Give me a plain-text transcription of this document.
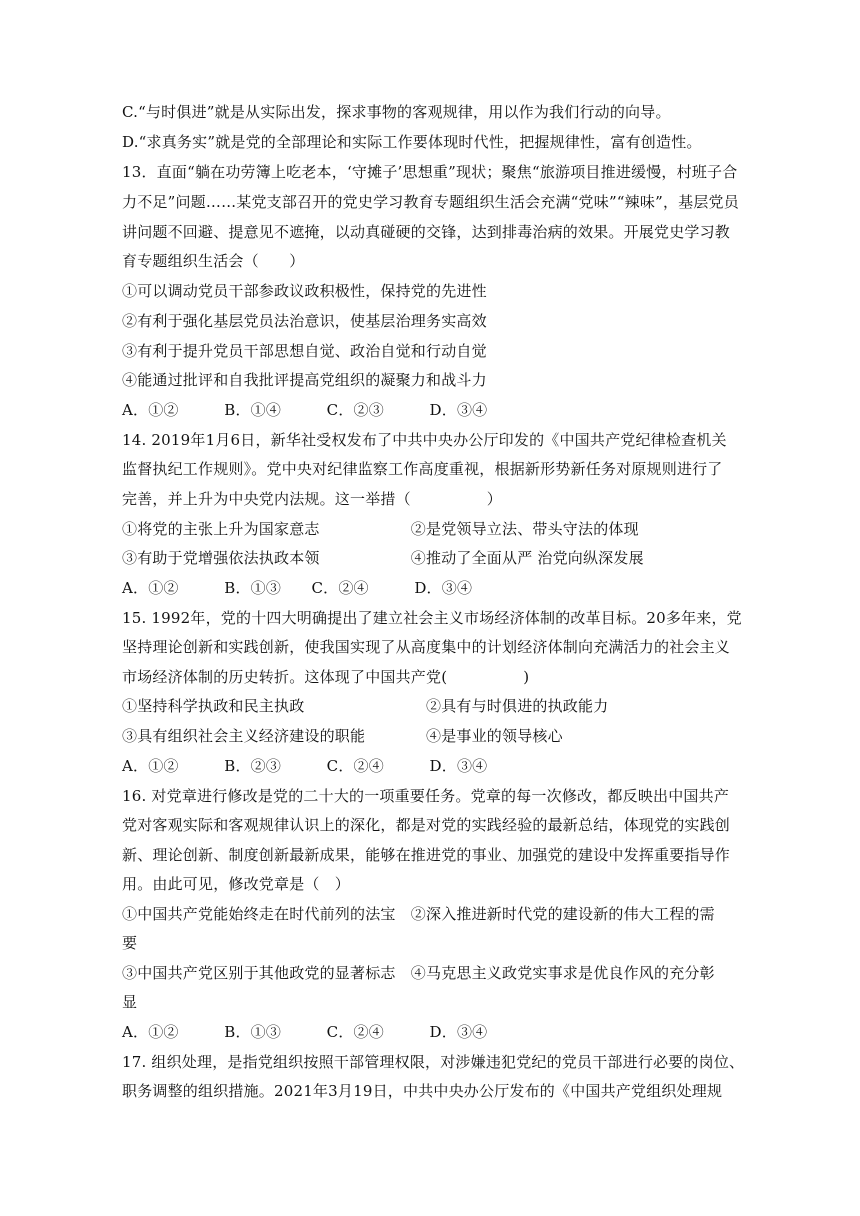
C.“与时俱进”就是从实际出发，探求事物的客观规律，用以作为我们行动的向导。
D.“求真务实”就是党的全部理论和实际工作要体现时代性，把握规律性，富有创造性。
13．直面“躺在功劳簿上吃老本，‘守摊子’思想重”现状；聚焦“旅游项目推进缓慢，村班子合
力不足”问题……某党支部召开的党史学习教育专题组织生活会充满“党味”“辣味”，基层党员
讲问题不回避、提意见不遮掩，以动真碰硬的交锋，达到排毒治病的效果。开展党史学习教
育专题组织生活会（　　）
①可以调动党员干部参政议政积极性，保持党的先进性
②有利于强化基层党员法治意识，使基层治理务实高效
③有利于提升党员干部思想自觉、政治自觉和行动自觉
④能通过批评和自我批评提高党组织的凝聚力和战斗力
A．①②　　　B．①④　　　C．②③　　　D．③④
14. 2019年1月6日，新华社受权发布了中共中央办公厅印发的《中国共产党纪律检查机关
监督执纪工作规则》。党中央对纪律监察工作高度重视，根据新形势新任务对原规则进行了
完善，并上升为中央党内法规。这一举措（　　　　　）
①将党的主张上升为国家意志　　　　　　②是党领导立法、带头守法的体现
③有助于党增强依法执政本领　　　　　　④推动了全面从严 治党向纵深发展
A．①②　　　B．①③　　C．②④　　　D．③④
15. 1992年，党的十四大明确提出了建立社会主义市场经济体制的改革目标。20多年来，党
坚持理论创新和实践创新，使我国实现了从高度集中的计划经济体制向充满活力的社会主义
市场经济体制的历史转折。这体现了中国共产党(　　　　　)
①坚持科学执政和民主执政　　　　　　　　②具有与时俱进的执政能力
③具有组织社会主义经济建设的职能　　　　④是事业的领导核心
A．①②　　　B．②③　　　C．②④　　　D．③④
16. 对党章进行修改是党的二十大的一项重要任务。党章的每一次修改，都反映出中国共产
党对客观实际和客观规律认识上的深化，都是对党的实践经验的最新总结，体现党的实践创
新、理论创新、制度创新最新成果，能够在推进党的事业、加强党的建设中发挥重要指导作
用。由此可见，修改党章是（　）
①中国共产党能始终走在时代前列的法宝　②深入推进新时代党的建设新的伟大工程的需
要
③中国共产党区别于其他政党的显著标志　④马克思主义政党实事求是优良作风的充分彰
显
A．①②　　　B．①③　　　C．②④　　　D．③④
17. 组织处理，是指党组织按照干部管理权限，对涉嫌违犯党纪的党员干部进行必要的岗位、
职务调整的组织措施。2021年3月19日，中共中央办公厅发布的《中国共产党组织处理规
